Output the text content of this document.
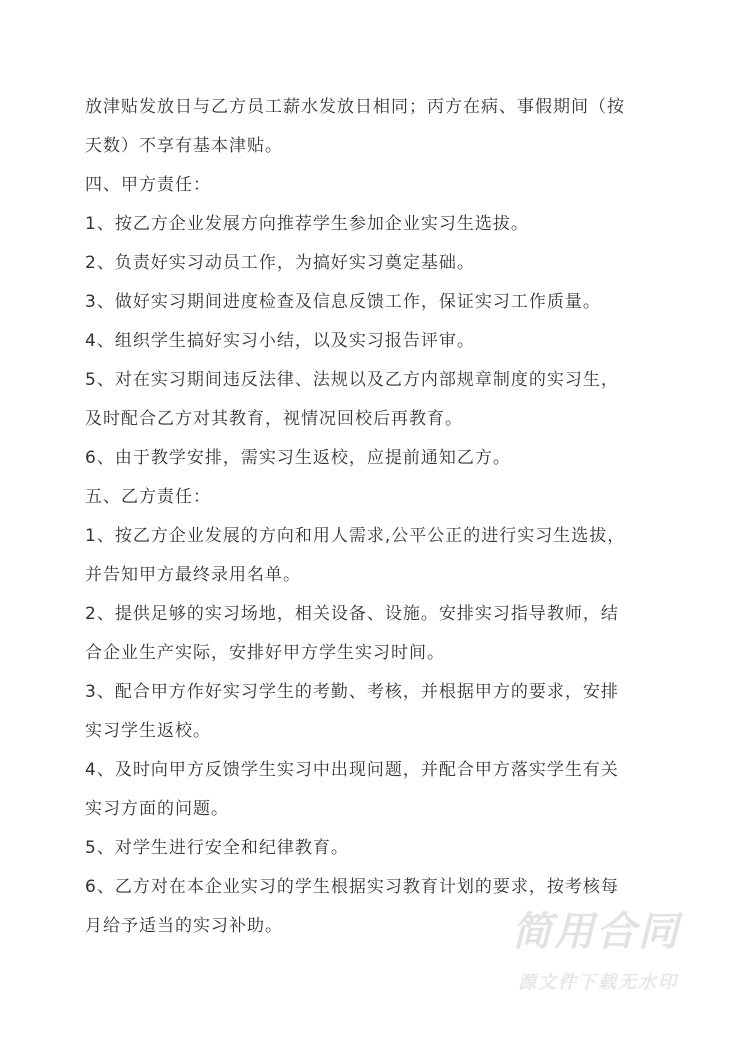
放津贴发放日与乙方员工薪水发放日相同；丙方在病、事假期间（按
天数）不享有基本津贴。
四、甲方责任：
1、按乙方企业发展方向推荐学生参加企业实习生选拔。
2、负责好实习动员工作，为搞好实习奠定基础。
3、做好实习期间进度检查及信息反馈工作，保证实习工作质量。
4、组织学生搞好实习小结，以及实习报告评审。
5、对在实习期间违反法律、法规以及乙方内部规章制度的实习生，
及时配合乙方对其教育，视情况回校后再教育。
6、由于教学安排，需实习生返校，应提前通知乙方。
五、乙方责任：
1、按乙方企业发展的方向和用人需求,公平公正的进行实习生选拔，
并告知甲方最终录用名单。
2、提供足够的实习场地，相关设备、设施。安排实习指导教师，结
合企业生产实际，安排好甲方学生实习时间。
3、配合甲方作好实习学生的考勤、考核，并根据甲方的要求，安排
实习学生返校。
4、及时向甲方反馈学生实习中出现问题，并配合甲方落实学生有关
实习方面的问题。
5、对学生进行安全和纪律教育。
6、乙方对在本企业实习的学生根据实习教育计划的要求，按考核每
月给予适当的实习补助。	简用合同
源文件下载无水印
